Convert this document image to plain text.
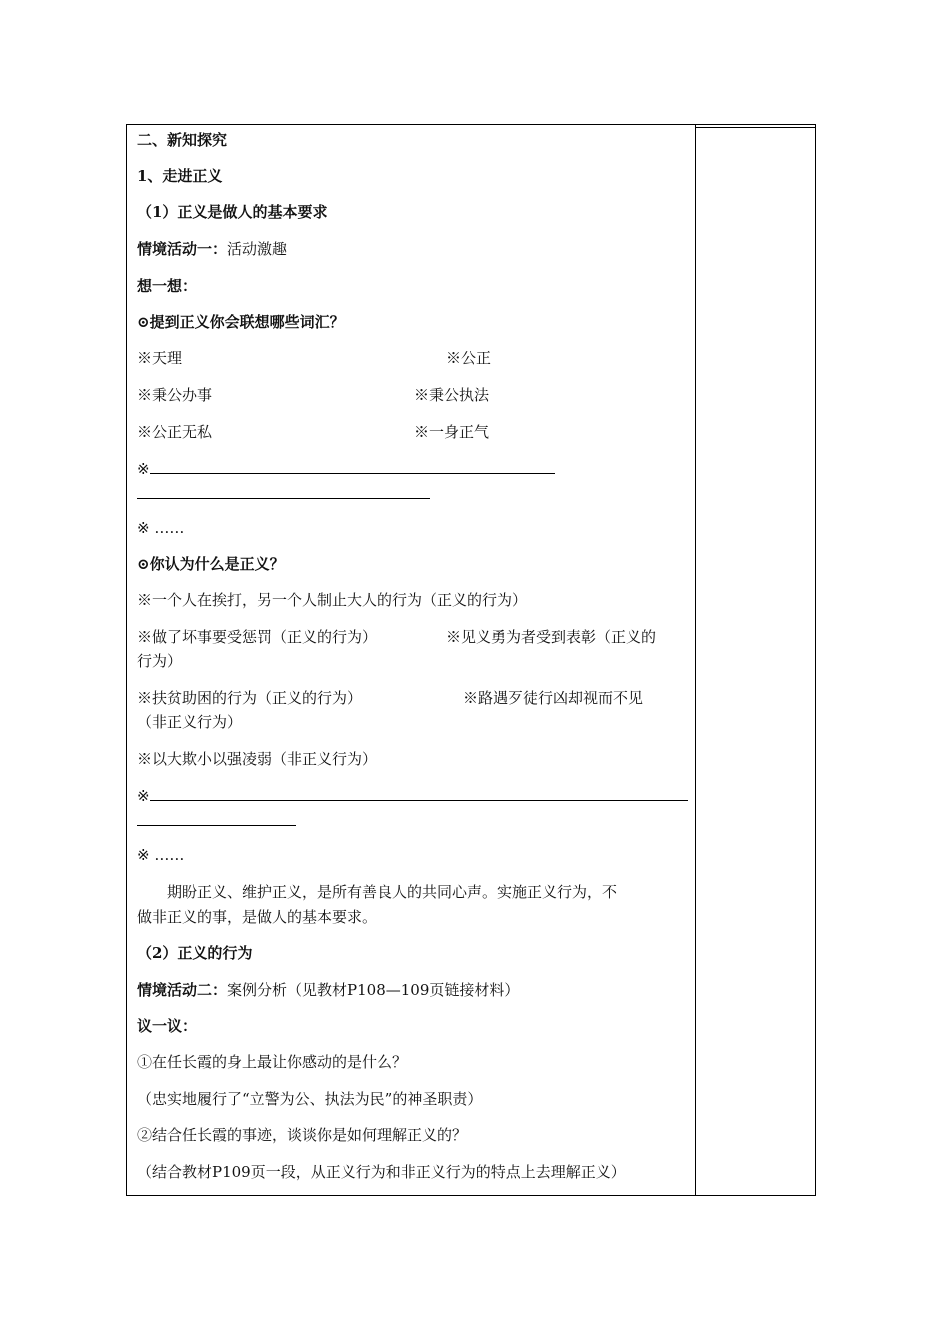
二、新知探究
1、走进正义
（1）正义是做人的基本要求
情境活动一：活动激趣
想一想：
⊙提到正义你会联想哪些词汇？
※天理	※公正
※秉公办事	※秉公执法
※公正无私	※一身正气
※
※ ……
⊙你认为什么是正义？
※一个人在挨打，另一个人制止大人的行为（正义的行为）
※做了坏事要受惩罚（正义的行为）	※见义勇为者受到表彰（正义的
行为）
※扶贫助困的行为（正义的行为）	※路遇歹徒行凶却视而不见
（非正义行为）
※以大欺小以强凌弱（非正义行为）
※
※ ……
期盼正义、维护正义，是所有善良人的共同心声。实施正义行为，不
做非正义的事，是做人的基本要求。
（2）正义的行为
情境活动二：案例分析（见教材P108—109页链接材料）
议一议：
①在任长霞的身上最让你感动的是什么？
（忠实地履行了“立警为公、执法为民”的神圣职责）
②结合任长霞的事迹，谈谈你是如何理解正义的？
（结合教材P109页一段，从正义行为和非正义行为的特点上去理解正义）
